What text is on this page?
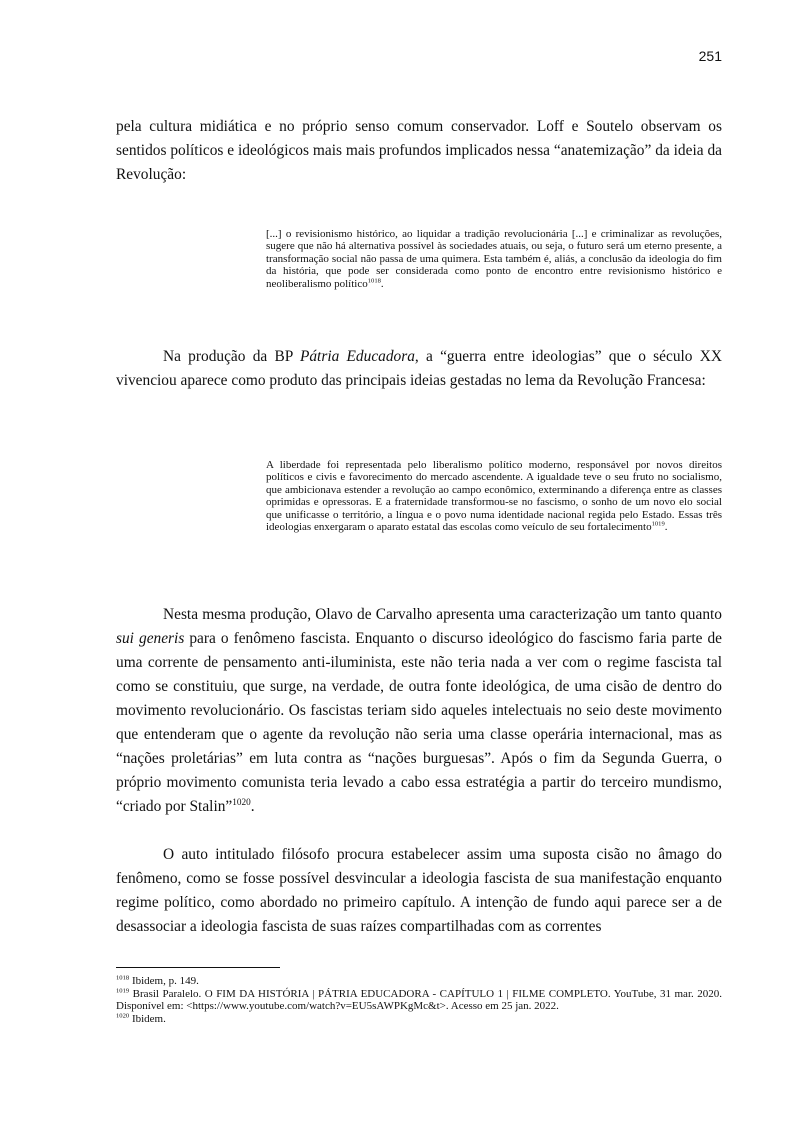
251

pela cultura midiática e no próprio senso comum conservador. Loff e Soutelo observam os sentidos políticos e ideológicos mais mais profundos implicados nessa “anatemização” da ideia da Revolução:

[...] o revisionismo histórico, ao liquidar a tradição revolucionária [...] e criminalizar as revoluções, sugere que não há alternativa possível às sociedades atuais, ou seja, o futuro será um eterno presente, a transformação social não passa de uma quimera. Esta também é, aliás, a conclusão da ideologia do fim da história, que pode ser considerada como ponto de encontro entre revisionismo histórico e neoliberalismo político$^{1018}$.

Na produção da BP Pátria Educadora, a “guerra entre ideologias” que o século XX vivenciou aparece como produto das principais ideias gestadas no lema da Revolução Francesa:

A liberdade foi representada pelo liberalismo político moderno, responsável por novos direitos políticos e civis e favorecimento do mercado ascendente. A igualdade teve o seu fruto no socialismo, que ambicionava estender a revolução ao campo econômico, exterminando a diferença entre as classes oprimidas e opressoras. E a fraternidade transformou-se no fascismo, o sonho de um novo elo social que unificasse o território, a língua e o povo numa identidade nacional regida pelo Estado. Essas três ideologias enxergaram o aparato estatal das escolas como veículo de seu fortalecimento$^{1019}$.

Nesta mesma produção, Olavo de Carvalho apresenta uma caracterização um tanto quanto sui generis para o fenômeno fascista. Enquanto o discurso ideológico do fascismo faria parte de uma corrente de pensamento anti-iluminista, este não teria nada a ver com o regime fascista tal como se constituiu, que surge, na verdade, de outra fonte ideológica, de uma cisão de dentro do movimento revolucionário. Os fascistas teriam sido aqueles intelectuais no seio deste movimento que entenderam que o agente da revolução não seria uma classe operária internacional, mas as “nações proletárias” em luta contra as “nações burguesas”. Após o fim da Segunda Guerra, o próprio movimento comunista teria levado a cabo essa estratégia a partir do terceiro mundismo, “criado por Stalin”$^{1020}$.

O auto intitulado filósofo procura estabelecer assim uma suposta cisão no âmago do fenômeno, como se fosse possível desvincular a ideologia fascista de sua manifestação enquanto regime político, como abordado no primeiro capítulo. A intenção de fundo aqui parece ser a de desassociar a ideologia fascista de suas raízes compartilhadas com as correntes

$^{1018}$ Ibidem, p. 149.

$^{1019}$ Brasil Paralelo. O FIM DA HISTÓRIA | PÁTRIA EDUCADORA - CAPÍTULO 1 | FILME COMPLETO. YouTube, 31 mar. 2020. Disponível em: <https://www.youtube.com/watch?v=EU5sAWPKgMc&t>. Acesso em 25 jan. 2022.

$^{1020}$ Ibidem.
